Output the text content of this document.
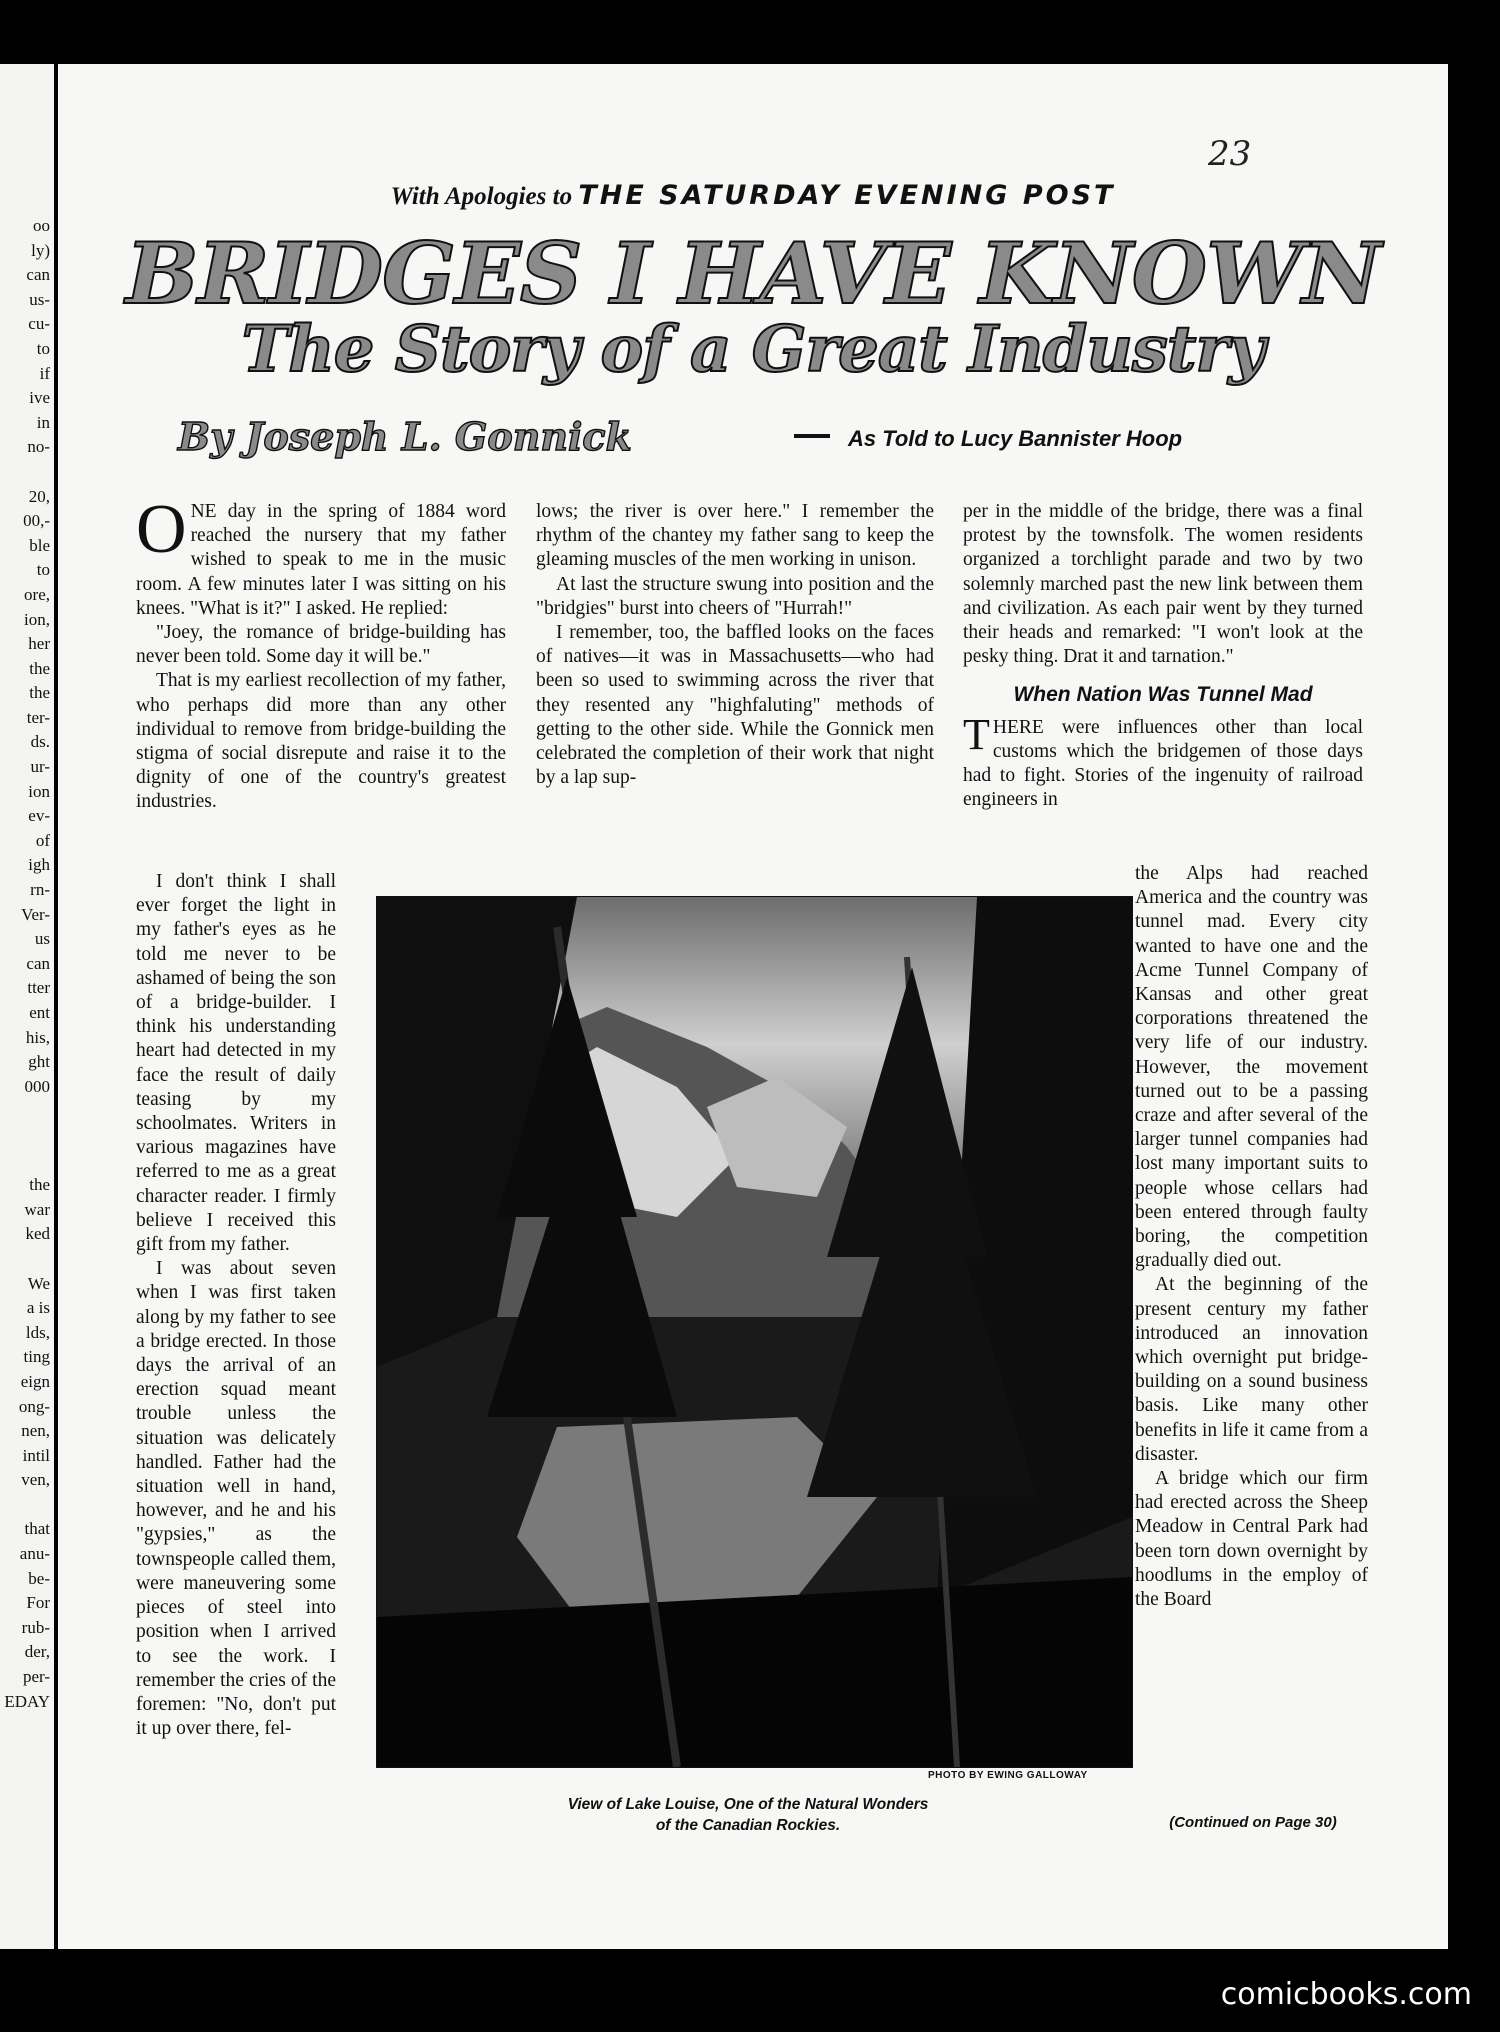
oo
ly)
can
us-
cu-
to
if
ive
in
no-

20,
00,-
ble
to
ore,
ion,
her
the
the
ter-
ds.
ur-
ion
ev-
of
igh
rn-
Ver-
us
can
tter
ent
his,
ght
000

the
war
ked

We
a is
lds,
ting
eign
ong-
nen,
intil
ven,

that
anu-
be-
For
rub-
der,
per-
EDAY
23
With Apologies to THE SATURDAY EVENING POST
BRIDGES I HAVE KNOWN
The Story of a Great Industry
By Joseph L. Gonnick	As Told to Lucy Bannister Hoop

ONE day in the spring of 1884 word reached the nursery that my father wished to speak to me in the music room. A few minutes later I was sitting on his knees. "What is it?" I asked. He replied:

"Joey, the romance of bridge-building has never been told. Some day it will be."

That is my earliest recollection of my father, who perhaps did more than any other individual to remove from bridge-building the stigma of social disrepute and raise it to the dignity of one of the country's greatest industries.

I don't think I shall ever forget the light in my father's eyes as he told me never to be ashamed of being the son of a bridge-builder. I think his understanding heart had detected in my face the result of daily teasing by my schoolmates. Writers in various magazines have referred to me as a great character reader. I firmly believe I received this gift from my father.

I was about seven when I was first taken along by my father to see a bridge erected. In those days the arrival of an erection squad meant trouble unless the situation was delicately handled. Father had the situation well in hand, however, and he and his "gypsies," as the townspeople called them, were maneuvering some pieces of steel into position when I arrived to see the work. I remember the cries of the foremen: "No, don't put it up over there, fel-

lows; the river is over here." I remember the rhythm of the chantey my father sang to keep the gleaming muscles of the men working in unison.

At last the structure swung into position and the "bridgies" burst into cheers of "Hurrah!"

I remember, too, the baffled looks on the faces of natives—it was in Massachusetts—who had been so used to swimming across the river that they resented any "highfaluting" methods of getting to the other side. While the Gonnick men celebrated the completion of their work that night by a lap sup-

per in the middle of the bridge, there was a final protest by the townsfolk. The women residents organized a torchlight parade and two by two solemnly marched past the new link between them and civilization. As each pair went by they turned their heads and remarked: "I won't look at the pesky thing. Drat it and tarnation."

When Nation Was Tunnel Mad

THERE were influences other than local customs which the bridgemen of those days had to fight. Stories of the ingenuity of railroad engineers in

the Alps had reached America and the country was tunnel mad. Every city wanted to have one and the Acme Tunnel Company of Kansas and other great corporations threatened the very life of our industry. However, the movement turned out to be a passing craze and after several of the larger tunnel companies had lost many important suits to people whose cellars had been entered through faulty boring, the competition gradually died out.

At the beginning of the present century my father introduced an innovation which overnight put bridge-building on a sound business basis. Like many other benefits in life it came from a disaster.

A bridge which our firm had erected across the Sheep Meadow in Central Park had been torn down overnight by hoodlums in the employ of the Board

PHOTO BY EWING GALLOWAY
View of Lake Louise, One of the Natural Wonders
of the Canadian Rockies.	(Continued on Page 30)
comicbooks.com
